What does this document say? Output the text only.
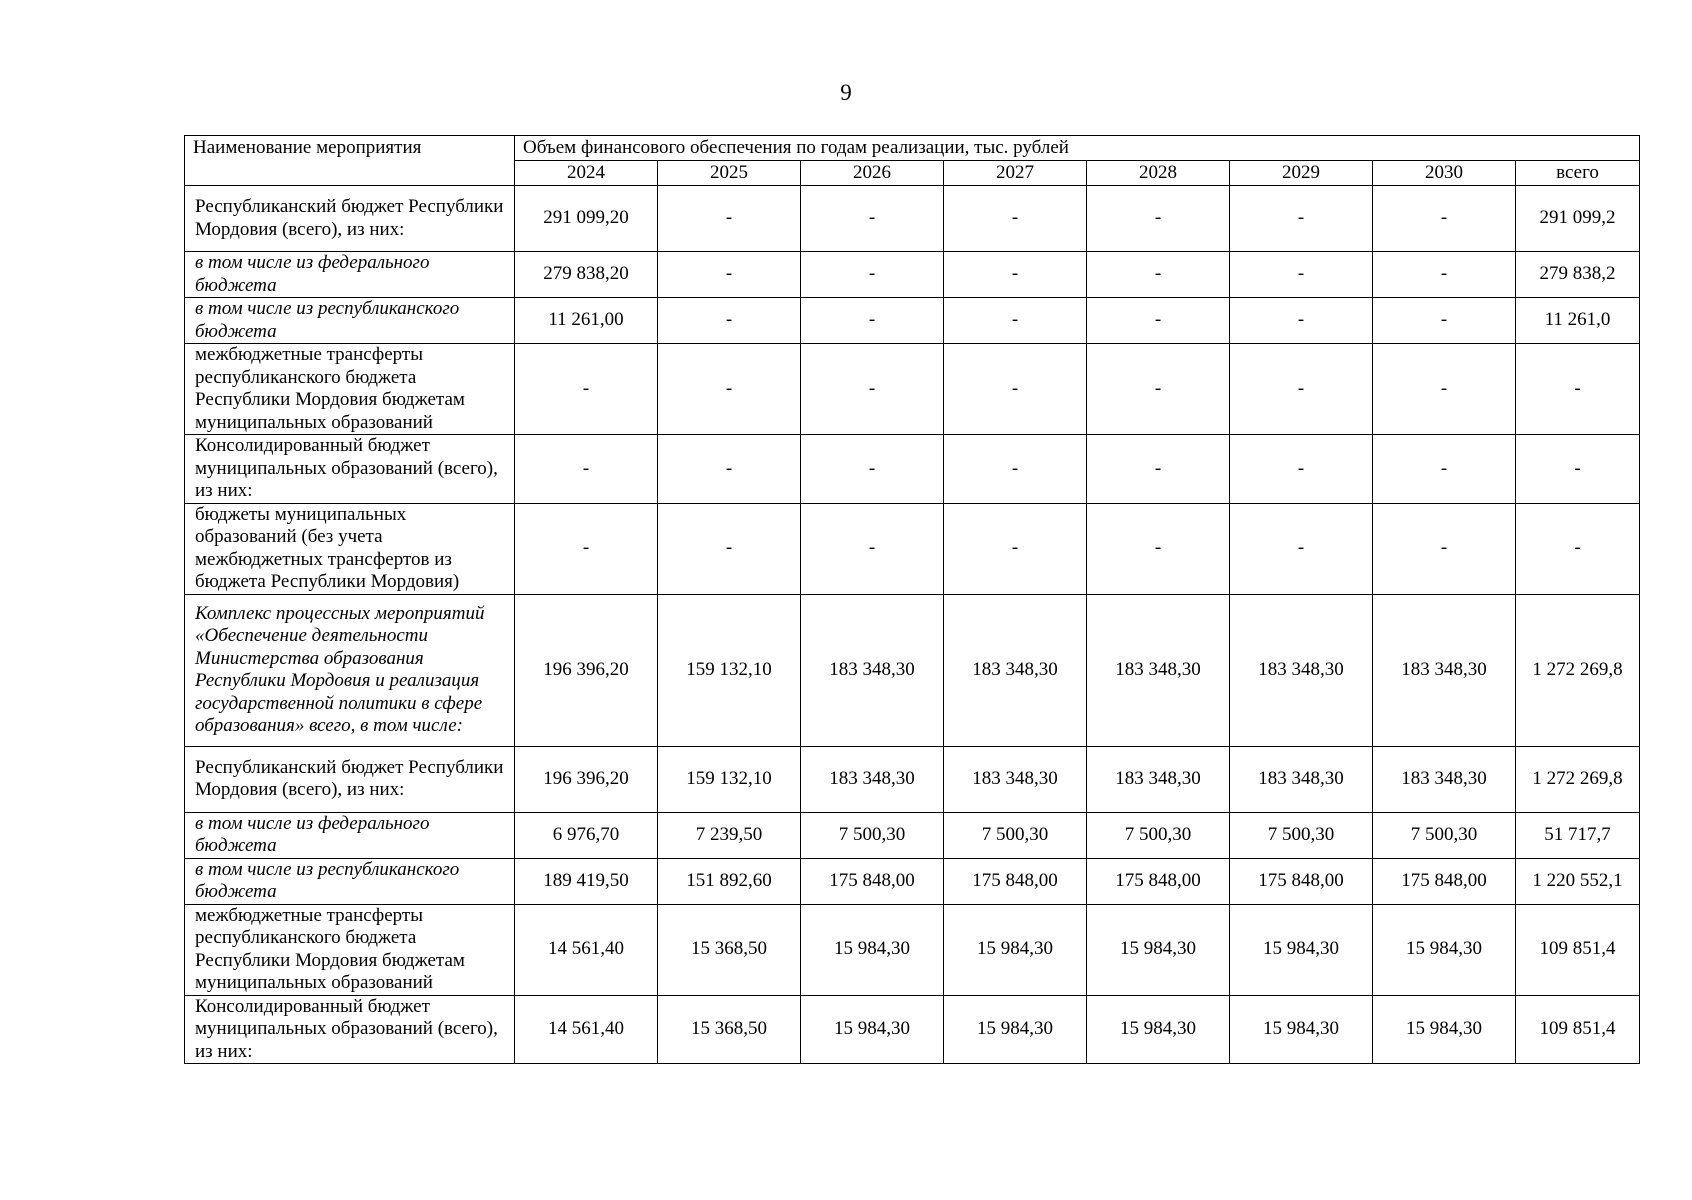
9
Наименование мероприятия	Объем финансового обеспечения по годам реализации, тыс. рублей							
	2024	2025	2026	2027	2028	2029	2030	всего
Республиканский бюджет Республики Мордовия (всего), из них:	291 099,20	-	-	-	-	-	-	291 099,2
в том числе из федерального бюджета	279 838,20	-	-	-	-	-	-	279 838,2
в том числе из республиканского бюджета	11 261,00	-	-	-	-	-	-	11 261,0
межбюджетные трансферты республиканского бюджета Республики Мордовия бюджетам муниципальных образований	-	-	-	-	-	-	-	-
Консолидированный бюджет муниципальных образований (всего), из них:	-	-	-	-	-	-	-	-
бюджеты муниципальных образований (без учета межбюджетных трансфертов из бюджета Республики Мордовия)	-	-	-	-	-	-	-	-
Комплекс процессных мероприятий «Обеспечение деятельности Министерства образования Республики Мордовия и реализация государственной политики в сфере образования» всего, в том числе:	196 396,20	159 132,10	183 348,30	183 348,30	183 348,30	183 348,30	183 348,30	1 272 269,8
Республиканский бюджет Республики Мордовия (всего), из них:	196 396,20	159 132,10	183 348,30	183 348,30	183 348,30	183 348,30	183 348,30	1 272 269,8
в том числе из федерального бюджета	6 976,70	7 239,50	7 500,30	7 500,30	7 500,30	7 500,30	7 500,30	51 717,7
в том числе из республиканского бюджета	189 419,50	151 892,60	175 848,00	175 848,00	175 848,00	175 848,00	175 848,00	1 220 552,1
межбюджетные трансферты республиканского бюджета Республики Мордовия бюджетам муниципальных образований	14 561,40	15 368,50	15 984,30	15 984,30	15 984,30	15 984,30	15 984,30	109 851,4
Консолидированный бюджет муниципальных образований (всего), из них:	14 561,40	15 368,50	15 984,30	15 984,30	15 984,30	15 984,30	15 984,30	109 851,4
